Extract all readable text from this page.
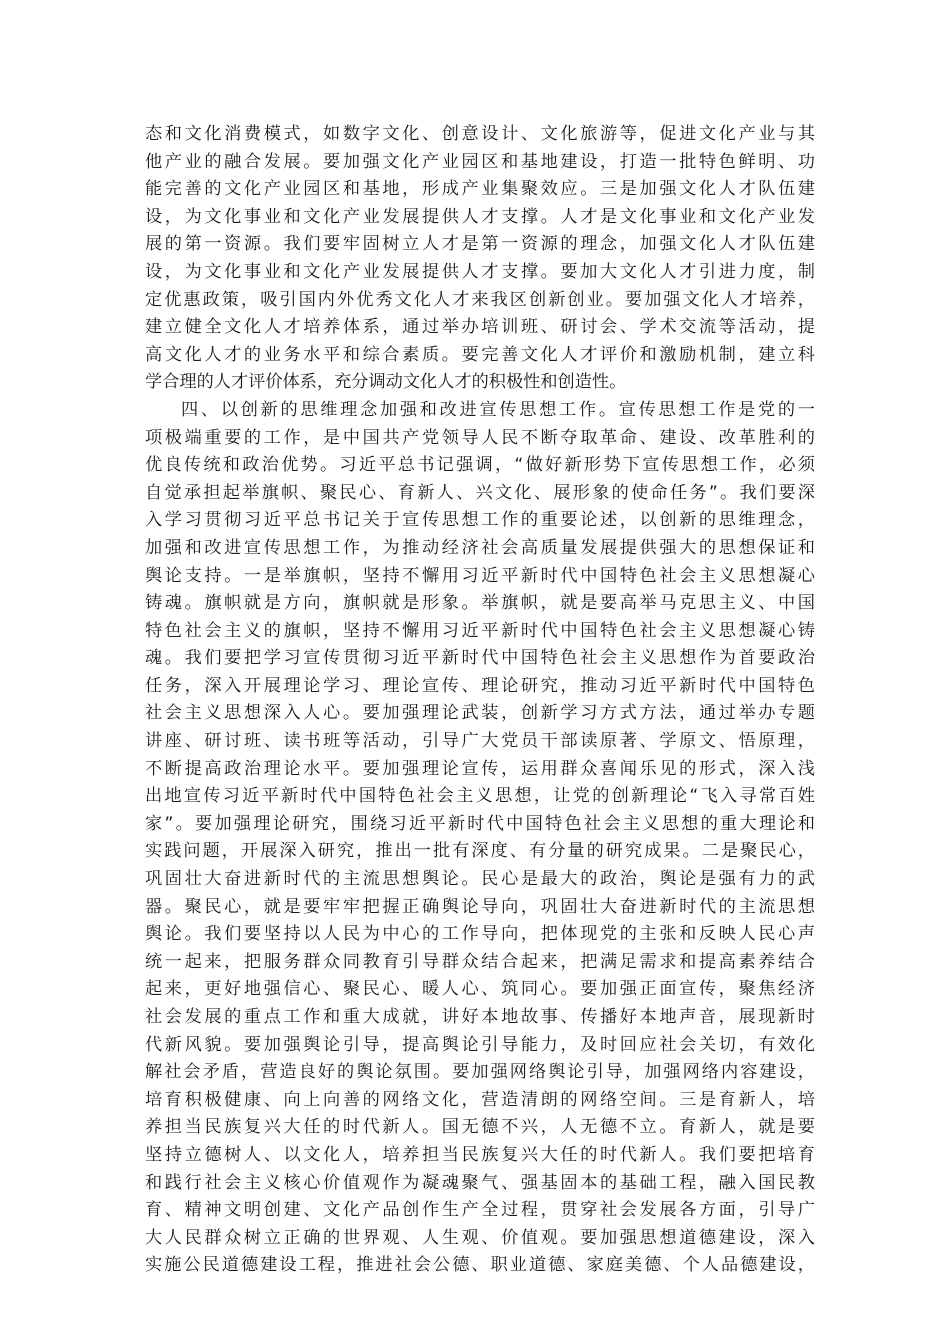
态和文化消费模式，如数字文化、创意设计、文化旅游等，促进文化产业与其
他产业的融合发展。要加强文化产业园区和基地建设，打造一批特色鲜明、功
能完善的文化产业园区和基地，形成产业集聚效应。三是加强文化人才队伍建
设，为文化事业和文化产业发展提供人才支撑。人才是文化事业和文化产业发
展的第一资源。我们要牢固树立人才是第一资源的理念，加强文化人才队伍建
设，为文化事业和文化产业发展提供人才支撑。要加大文化人才引进力度，制
定优惠政策，吸引国内外优秀文化人才来我区创新创业。要加强文化人才培养，
建立健全文化人才培养体系，通过举办培训班、研讨会、学术交流等活动，提
高文化人才的业务水平和综合素质。要完善文化人才评价和激励机制，建立科
学合理的人才评价体系，充分调动文化人才的积极性和创造性。
四、以创新的思维理念加强和改进宣传思想工作。宣传思想工作是党的一
项极端重要的工作，是中国共产党领导人民不断夺取革命、建设、改革胜利的
优良传统和政治优势。习近平总书记强调，“做好新形势下宣传思想工作，必须
自觉承担起举旗帜、聚民心、育新人、兴文化、展形象的使命任务”。我们要深
入学习贯彻习近平总书记关于宣传思想工作的重要论述，以创新的思维理念，
加强和改进宣传思想工作，为推动经济社会高质量发展提供强大的思想保证和
舆论支持。一是举旗帜，坚持不懈用习近平新时代中国特色社会主义思想凝心
铸魂。旗帜就是方向，旗帜就是形象。举旗帜，就是要高举马克思主义、中国
特色社会主义的旗帜，坚持不懈用习近平新时代中国特色社会主义思想凝心铸
魂。我们要把学习宣传贯彻习近平新时代中国特色社会主义思想作为首要政治
任务，深入开展理论学习、理论宣传、理论研究，推动习近平新时代中国特色
社会主义思想深入人心。要加强理论武装，创新学习方式方法，通过举办专题
讲座、研讨班、读书班等活动，引导广大党员干部读原著、学原文、悟原理，
不断提高政治理论水平。要加强理论宣传，运用群众喜闻乐见的形式，深入浅
出地宣传习近平新时代中国特色社会主义思想，让党的创新理论“飞入寻常百姓
家”。要加强理论研究，围绕习近平新时代中国特色社会主义思想的重大理论和
实践问题，开展深入研究，推出一批有深度、有分量的研究成果。二是聚民心，
巩固壮大奋进新时代的主流思想舆论。民心是最大的政治，舆论是强有力的武
器。聚民心，就是要牢牢把握正确舆论导向，巩固壮大奋进新时代的主流思想
舆论。我们要坚持以人民为中心的工作导向，把体现党的主张和反映人民心声
统一起来，把服务群众同教育引导群众结合起来，把满足需求和提高素养结合
起来，更好地强信心、聚民心、暖人心、筑同心。要加强正面宣传，聚焦经济
社会发展的重点工作和重大成就，讲好本地故事、传播好本地声音，展现新时
代新风貌。要加强舆论引导，提高舆论引导能力，及时回应社会关切，有效化
解社会矛盾，营造良好的舆论氛围。要加强网络舆论引导，加强网络内容建设，
培育积极健康、向上向善的网络文化，营造清朗的网络空间。三是育新人，培
养担当民族复兴大任的时代新人。国无德不兴，人无德不立。育新人，就是要
坚持立德树人、以文化人，培养担当民族复兴大任的时代新人。我们要把培育
和践行社会主义核心价值观作为凝魂聚气、强基固本的基础工程，融入国民教
育、精神文明创建、文化产品创作生产全过程，贯穿社会发展各方面，引导广
大人民群众树立正确的世界观、人生观、价值观。要加强思想道德建设，深入
实施公民道德建设工程，推进社会公德、职业道德、家庭美德、个人品德建设，
